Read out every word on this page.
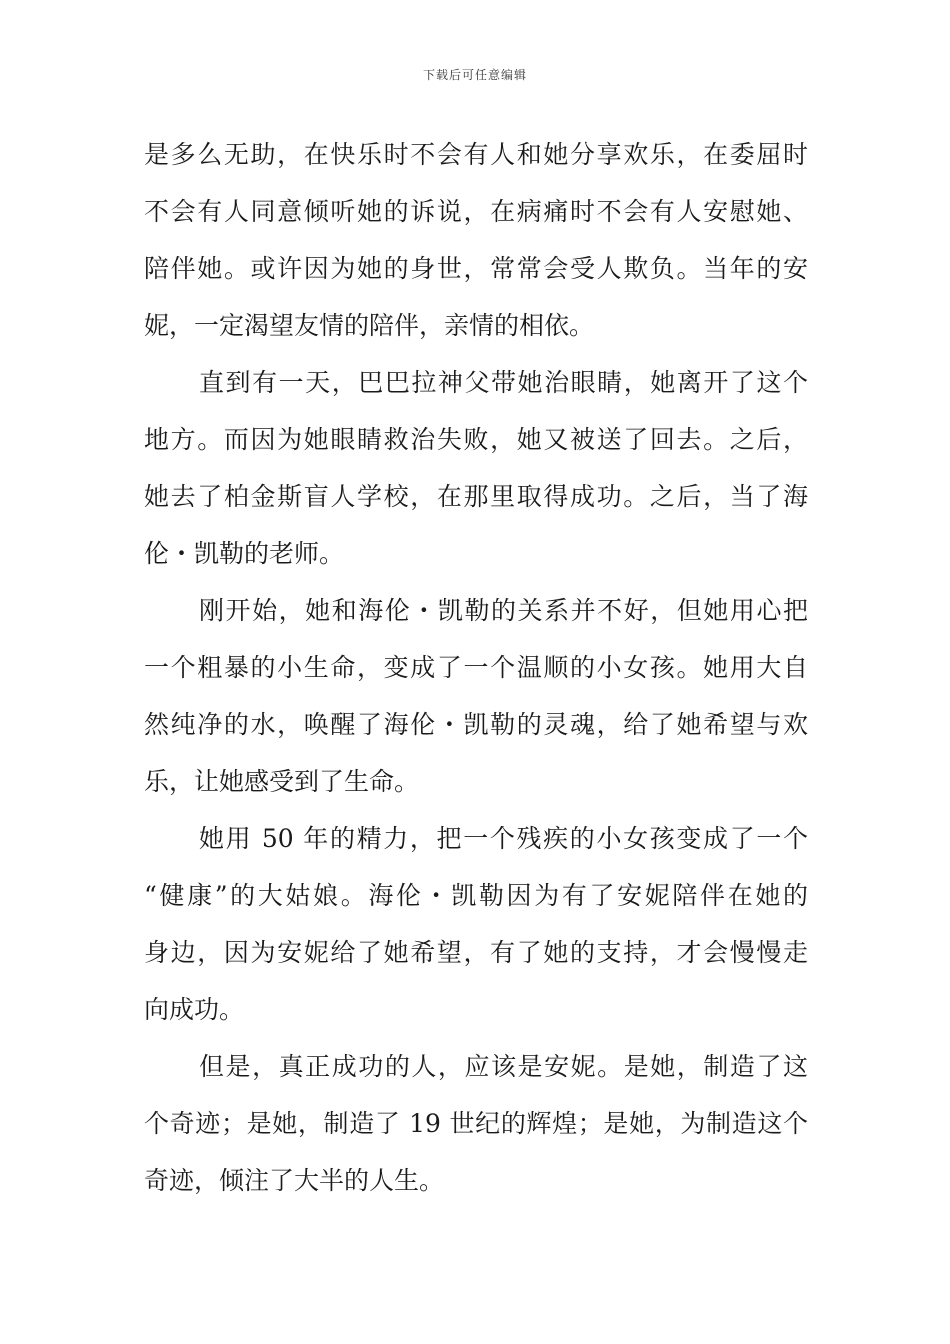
下载后可任意编辑
是多么无助，在快乐时不会有人和她分享欢乐，在委屈时
不会有人同意倾听她的诉说，在病痛时不会有人安慰她、
陪伴她。或许因为她的身世，常常会受人欺负。当年的安
妮，一定渴望友情的陪伴，亲情的相依。
直到有一天，巴巴拉神父带她治眼睛，她离开了这个
地方。而因为她眼睛救治失败，她又被送了回去。之后，
她去了柏金斯盲人学校，在那里取得成功。之后，当了海
伦・凯勒的老师。
刚开始，她和海伦・凯勒的关系并不好，但她用心把
一个粗暴的小生命，变成了一个温顺的小女孩。她用大自
然纯净的水，唤醒了海伦・凯勒的灵魂，给了她希望与欢
乐，让她感受到了生命。
她用 50 年的精力，把一个残疾的小女孩变成了一个
“健康”的大姑娘。海伦・凯勒因为有了安妮陪伴在她的
身边，因为安妮给了她希望，有了她的支持，才会慢慢走
向成功。
但是，真正成功的人，应该是安妮。是她，制造了这
个奇迹；是她，制造了 19 世纪的辉煌；是她，为制造这个
奇迹，倾注了大半的人生。
